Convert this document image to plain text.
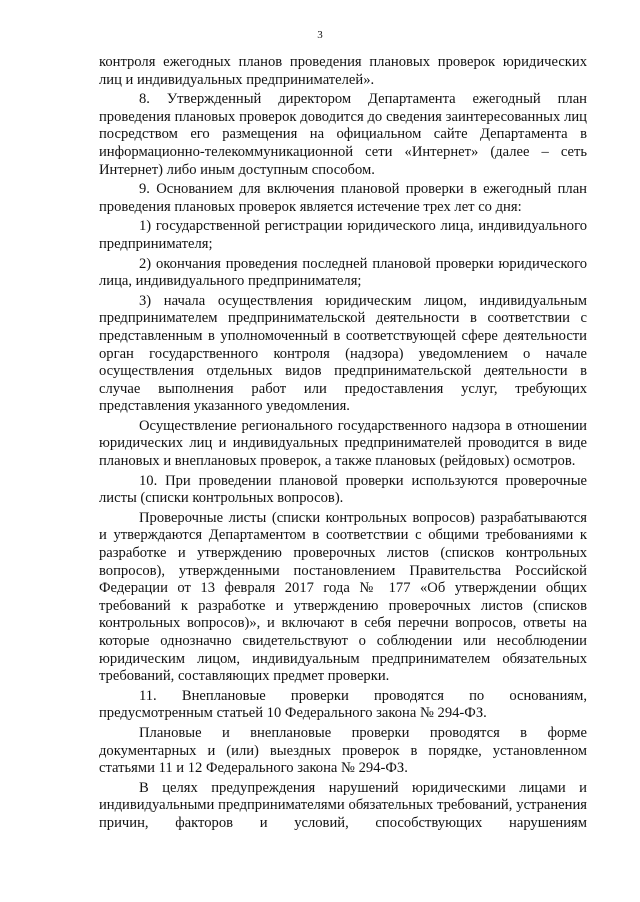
3

контроля ежегодных планов проведения плановых проверок юридических лиц и индивидуальных предпринимателей».

8. Утвержденный директором Департамента ежегодный план проведения плановых проверок доводится до сведения заинтересованных лиц посредством его размещения на официальном сайте Департамента в информационно-телекоммуникационной сети «Интернет» (далее – сеть Интернет) либо иным доступным способом.

9. Основанием для включения плановой проверки в ежегодный план проведения плановых проверок является истечение трех лет со дня:

1) государственной регистрации юридического лица, индивидуального предпринимателя;

2) окончания проведения последней плановой проверки юридического лица, индивидуального предпринимателя;

3) начала осуществления юридическим лицом, индивидуальным предпринимателем предпринимательской деятельности в соответствии с представленным в уполномоченный в соответствующей сфере деятельности орган государственного контроля (надзора) уведомлением о начале осуществления отдельных видов предпринимательской деятельности в случае выполнения работ или предоставления услуг, требующих представления указанного уведомления.

Осуществление регионального государственного надзора в отношении юридических лиц и индивидуальных предпринимателей проводится в виде плановых и внеплановых проверок, а также плановых (рейдовых) осмотров.

10. При проведении плановой проверки используются проверочные листы (списки контрольных вопросов).

Проверочные листы (списки контрольных вопросов) разрабатываются и утверждаются Департаментом в соответствии с общими требованиями к разработке и утверждению проверочных листов (списков контрольных вопросов), утвержденными постановлением Правительства Российской Федерации от 13 февраля 2017 года № 177 «Об утверждении общих требований к разработке и утверждению проверочных листов (списков контрольных вопросов)», и включают в себя перечни вопросов, ответы на которые однозначно свидетельствуют о соблюдении или несоблюдении юридическим лицом, индивидуальным предпринимателем обязательных требований, составляющих предмет проверки.

11. Внеплановые проверки проводятся по основаниям, предусмотренным статьей 10 Федерального закона № 294-ФЗ.

Плановые и внеплановые проверки проводятся в форме документарных и (или) выездных проверок в порядке, установленном статьями 11 и 12 Федерального закона № 294-ФЗ.

В целях предупреждения нарушений юридическими лицами и индивидуальными предпринимателями обязательных требований, устранения причин, факторов и условий, способствующих нарушениям
